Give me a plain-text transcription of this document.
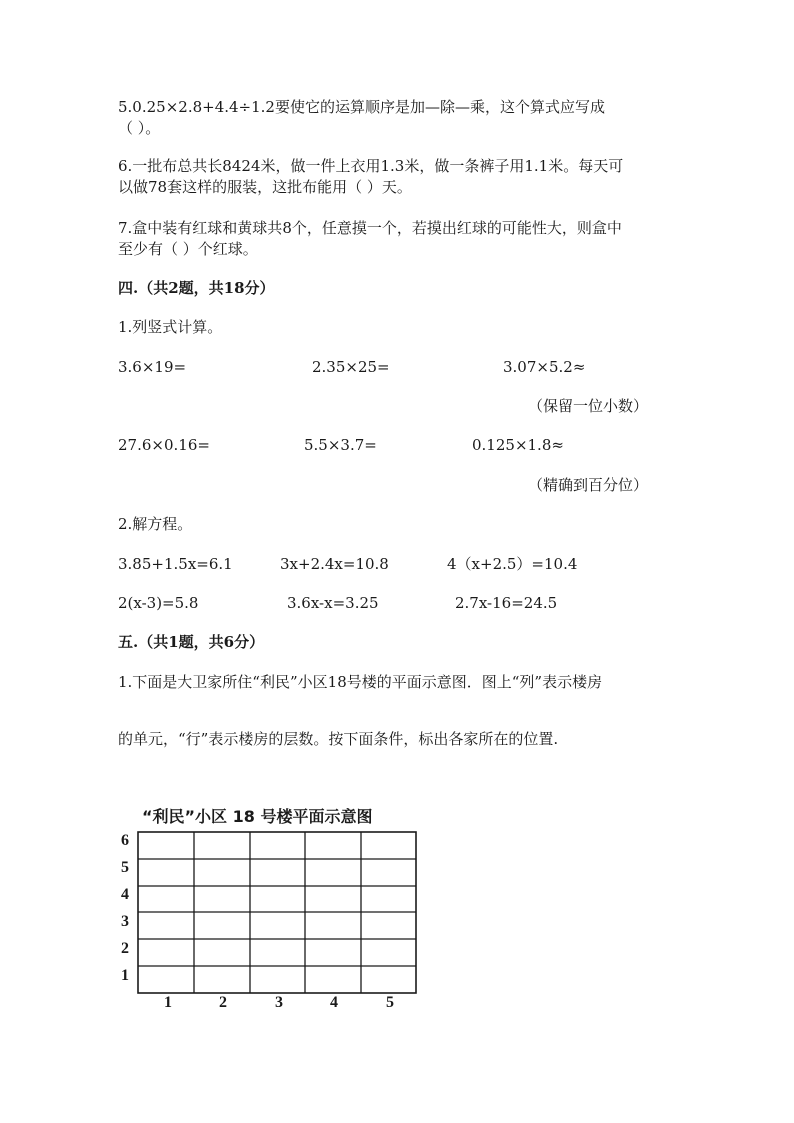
5.0.25×2.8+4.4÷1.2要使它的运算顺序是加—除—乘，这个算式应写成
（ ）。
6.一批布总共长8424米，做一件上衣用1.3米，做一条裤子用1.1米。每天可
以做78套这样的服装，这批布能用（ ）天。
7.盒中装有红球和黄球共8个，任意摸一个，若摸出红球的可能性大，则盒中
至少有（ ）个红球。
四.（共2题，共18分）
1.列竖式计算。
3.6×19=	2.35×25=	3.07×5.2≈
（保留一位小数）
27.6×0.16=	5.5×3.7=	0.125×1.8≈
（精确到百分位）
2.解方程。
3.85+1.5x=6.1	3x+2.4x=10.8	4（x+2.5）=10.4
2(x-3)=5.8	3.6x-x=3.25	2.7x-16=24.5
五.（共1题，共6分）
1.下面是大卫家所住“利民”小区18号楼的平面示意图．图上“列”表示楼房
的单元，“行”表示楼房的层数。按下面条件，标出各家所在的位置.
“利民”小区 18 号楼平面示意图
6
5
4
3
2
1
1	2	3	4	5
